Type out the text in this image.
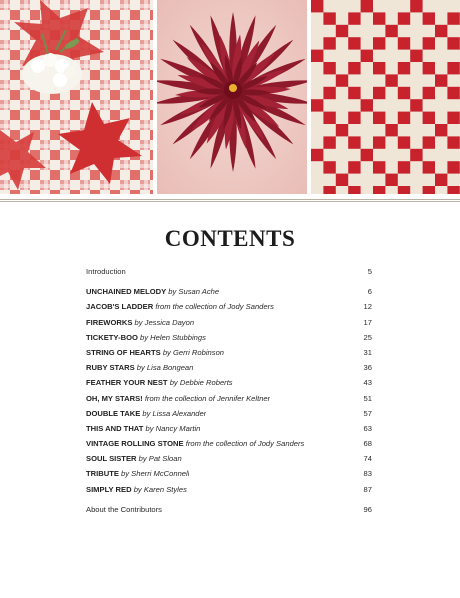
CONTENTS
Introduction	5
UNCHAINED MELODY by Susan Ache	6
JACOB'S LADDER from the collection of Jody Sanders	12
FIREWORKS by Jessica Dayon	17
TICKETY-BOO by Helen Stubbings	25
STRING OF HEARTS by Gerri Robinson	31
RUBY STARS by Lisa Bongean	36
FEATHER YOUR NEST by Debbie Roberts	43
OH, MY STARS! from the collection of Jennifer Keltner	51
DOUBLE TAKE by Lissa Alexander	57
THIS AND THAT by Nancy Martin	63
VINTAGE ROLLING STONE from the collection of Jody Sanders	68
SOUL SISTER by Pat Sloan	74
TRIBUTE by Sherri McConnell	83
SIMPLY RED by Karen Styles	87
About the Contributors	96
